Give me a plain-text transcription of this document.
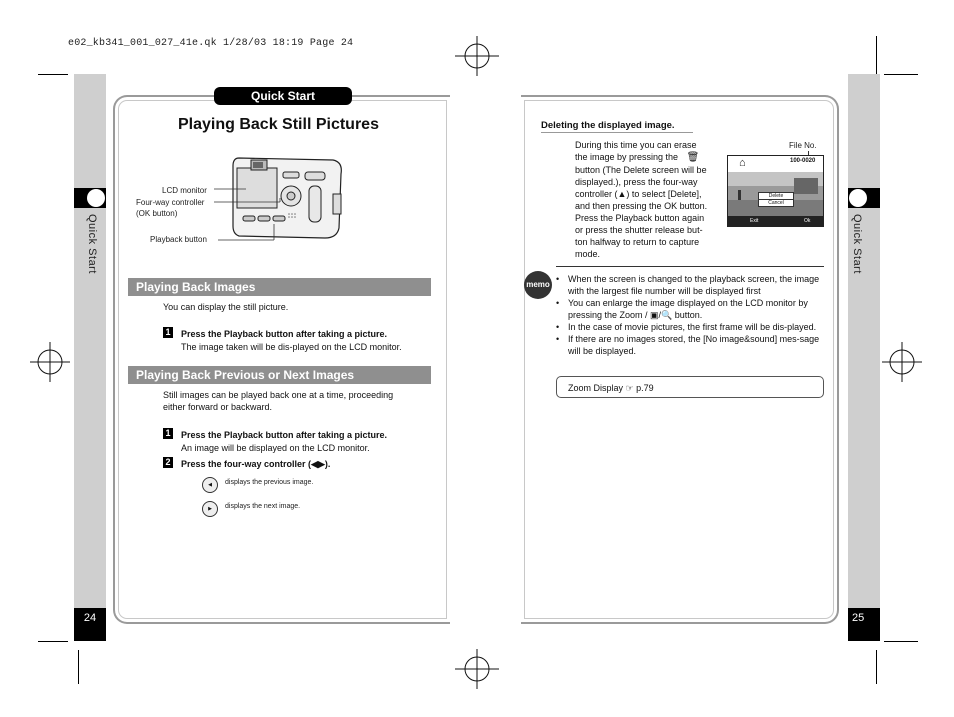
e02_kb341_001_027_41e.qk 1/28/03 18:19 Page 24
Quick Start
24
Quick Start
25
Quick Start
Playing Back Still Pictures
LCD monitor
Four-way controller
(OK button)
Playback button
Playing Back Images
You can display the still picture.
1 Press the Playback button after taking a picture.
The image taken will be dis-played on the LCD monitor.
Playing Back Previous or Next Images
Still images can be played back one at a time, proceeding
either forward or backward.
1 Press the Playback button after taking a picture.
An image will be displayed on the LCD monitor.
2 Press the four-way controller (◀▶).
◀	displays the previous image.
▶	displays the next image.
Deleting the displayed image.
During this time you can erase
the image by pressing the 🗑
button (The Delete screen will be
displayed.), press the four-way
controller (▲) to select [Delete],
and then pressing the OK button.
Press the Playback button again
or press the shutter release but-
ton halfway to return to capture
mode.
File No.
⌂	100-0020
Delete
Cancel
Exit	Ok
memo
• When the screen is changed to the playback screen, the image with the largest file number will be displayed first
• You can enlarge the image displayed on the LCD monitor by pressing the Zoom / ▣/🔍 button.
• In the case of movie pictures, the first frame will be dis-played.
• If there are no images stored, the [No image&sound] mes-sage will be displayed.
Zoom Display ☞ p.79
